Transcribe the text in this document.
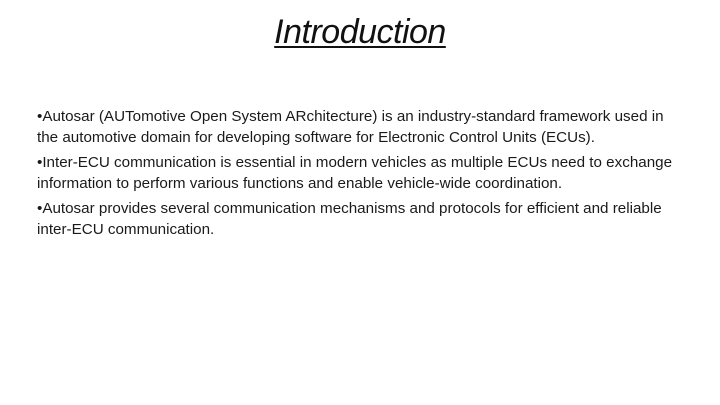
Introduction
•Autosar (AUTomotive Open System ARchitecture) is an industry-standard framework used in the automotive domain for developing software for Electronic Control Units (ECUs).
•Inter-ECU communication is essential in modern vehicles as multiple ECUs need to exchange information to perform various functions and enable vehicle-wide coordination.
•Autosar provides several communication mechanisms and protocols for efficient and reliable inter-ECU communication.
